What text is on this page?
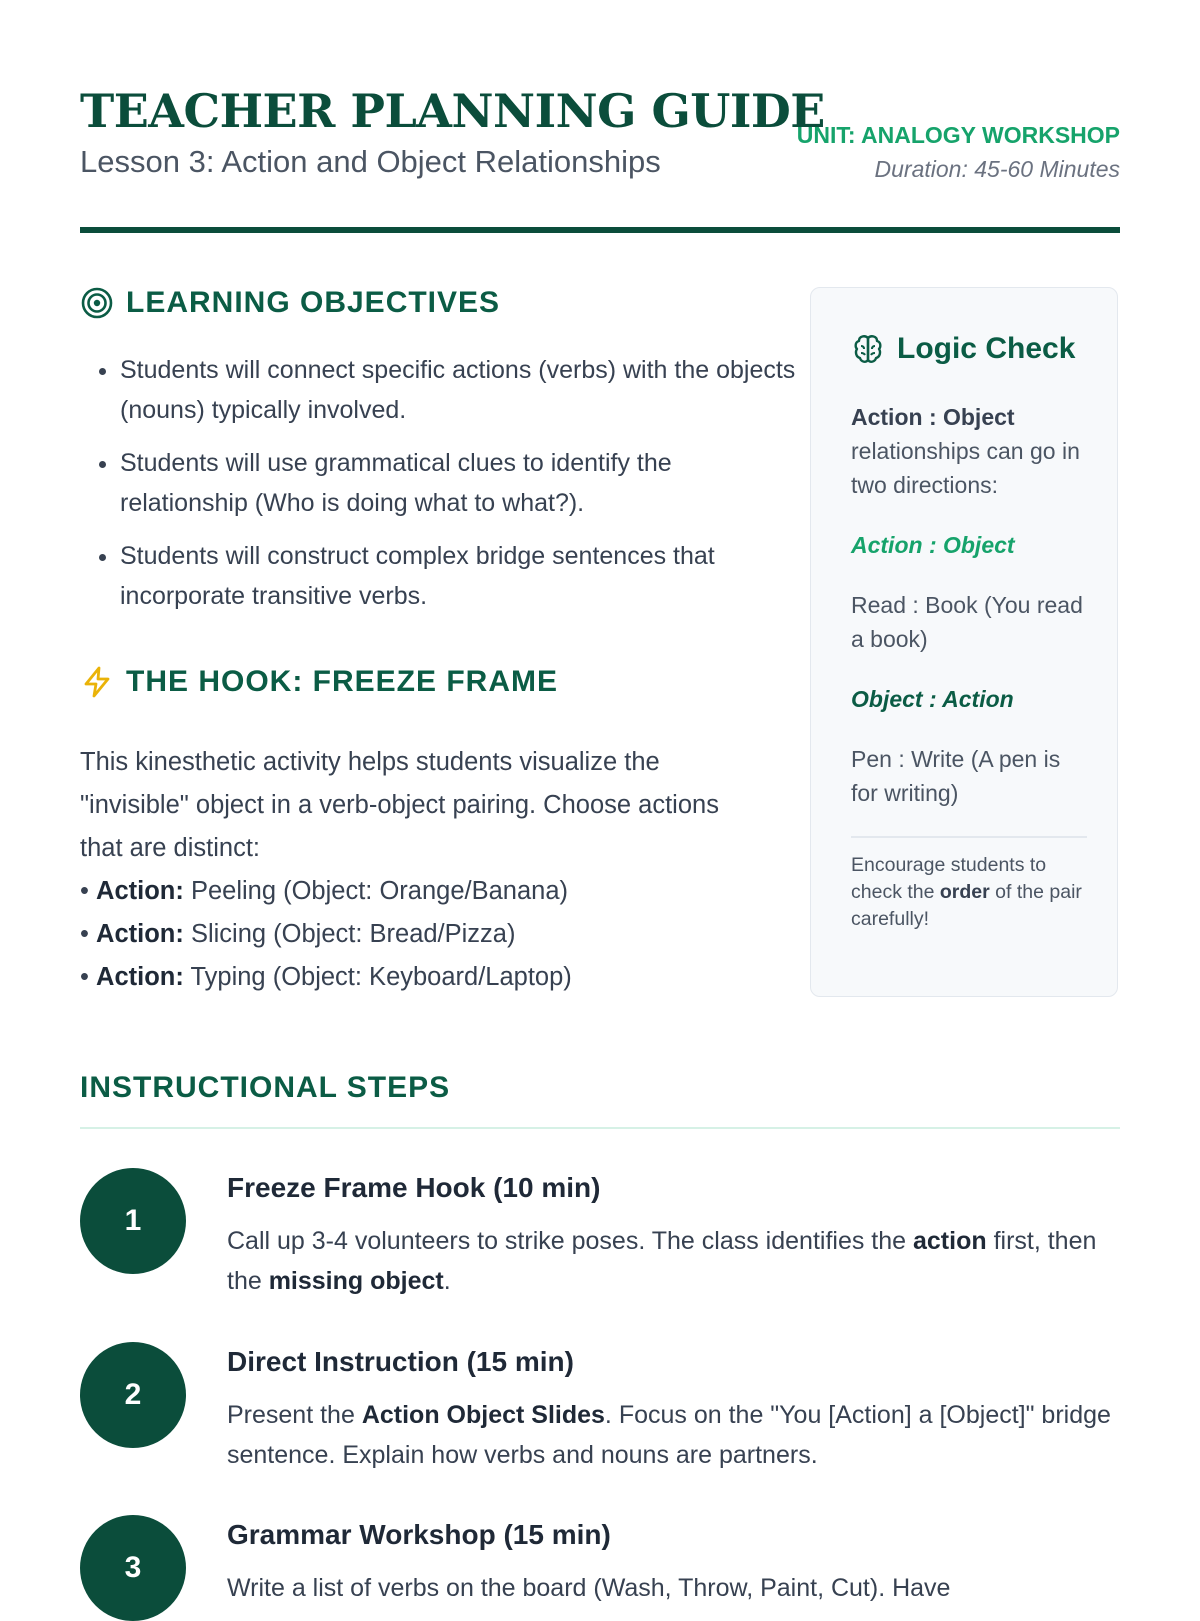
TEACHER PLANNING GUIDE
Lesson 3: Action and Object Relationships
UNIT: ANALOGY WORKSHOP
Duration: 45-60 Minutes
LEARNING OBJECTIVES
• Students will connect specific actions (verbs) with the objects (nouns) typically involved.
• Students will use grammatical clues to identify the relationship (Who is doing what to what?).
• Students will construct complex bridge sentences that incorporate transitive verbs.
THE HOOK: FREEZE FRAME
This kinesthetic activity helps students visualize the "invisible" object in a verb-object pairing. Choose actions that are distinct:
• Action: Peeling (Object: Orange/Banana)
• Action: Slicing (Object: Bread/Pizza)
• Action: Typing (Object: Keyboard/Laptop)
Logic Check

Action : Object relationships can go in two directions:

Action : Object

Read : Book (You read a book)

Object : Action

Pen : Write (A pen is for writing)

Encourage students to check the order of the pair carefully!

INSTRUCTIONAL STEPS
1
Freeze Frame Hook (10 min)
Call up 3-4 volunteers to strike poses. The class identifies the action first, then the missing object.
2
Direct Instruction (15 min)
Present the Action Object Slides. Focus on the "You [Action] a [Object]" bridge sentence. Explain how verbs and nouns are partners.
3
Grammar Workshop (15 min)
Write a list of verbs on the board (Wash, Throw, Paint, Cut). Have
